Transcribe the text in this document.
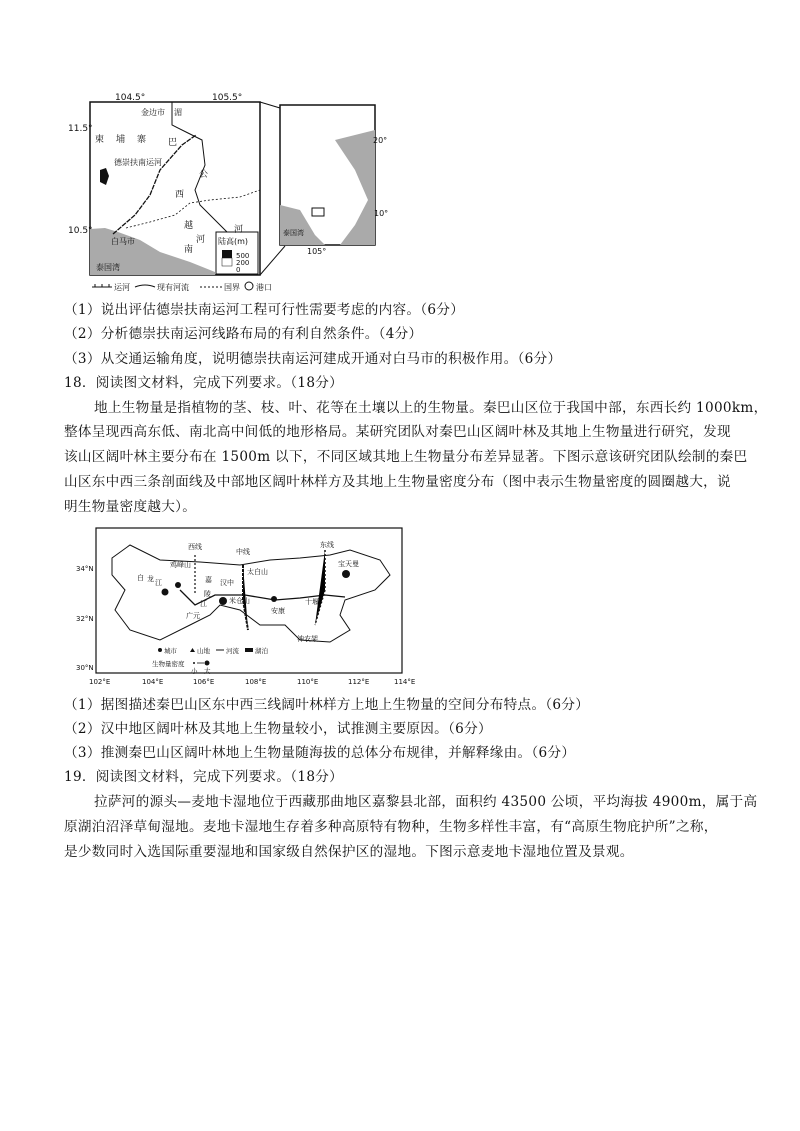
104.5°	105.5°
11.5°
10.5°
金边市 湄
柬埔寨 巴
德崇扶南运河
公
西
越
河
南
河
白马市
泰国湾
陆高(m)
500
200
0
20°
10°
105°
泰国湾
运河	现有河流	国界 港口
（1）说出评估德崇扶南运河工程可行性需要考虑的内容。（6分）
（2）分析德崇扶南运河线路布局的有利自然条件。（4分）
（3）从交通运输角度，说明德崇扶南运河建成开通对白马市的积极作用。（6分）
18．阅读图文材料，完成下列要求。（18分）
地上生物量是指植物的茎、枝、叶、花等在土壤以上的生物量。秦巴山区位于我国中部，东西长约 1000km，
整体呈现西高东低、南北高中间低的地形格局。某研究团队对秦巴山区阔叶林及其地上生物量进行研究，发现
该山区阔叶林主要分布在 1500m 以下，不同区域其地上生物量分布差异显著。下图示意该研究团队绘制的秦巴
山区东中西三条剖面线及中部地区阔叶林样方及其地上生物量密度分布（图中表示生物量密度的圆圈越大，说
明生物量密度越大）。
34°N
32°N
30°N
102°E	104°E	106°E	108°E	110°E	112°E	114°E
西线
中线
东线
鸡峰山
太白山
宝天曼
白 龙 江	嘉 汉中
陵
米仓山
江
安康
十堰
广元
神农架
城市	山地 河流 湖泊
生物量密度
小 大
（1）据图描述秦巴山区东中西三线阔叶林样方上地上生物量的空间分布特点。（6分）
（2）汉中地区阔叶林及其地上生物量较小，试推测主要原因。（6分）
（3）推测秦巴山区阔叶林地上生物量随海拔的总体分布规律，并解释缘由。（6分）
19．阅读图文材料，完成下列要求。（18分）
拉萨河的源头—麦地卡湿地位于西藏那曲地区嘉黎县北部，面积约 43500 公顷，平均海拔 4900m，属于高
原湖泊沼泽草甸湿地。麦地卡湿地生存着多种高原特有物种，生物多样性丰富，有“高原生物庇护所”之称，
是少数同时入选国际重要湿地和国家级自然保护区的湿地。下图示意麦地卡湿地位置及景观。
